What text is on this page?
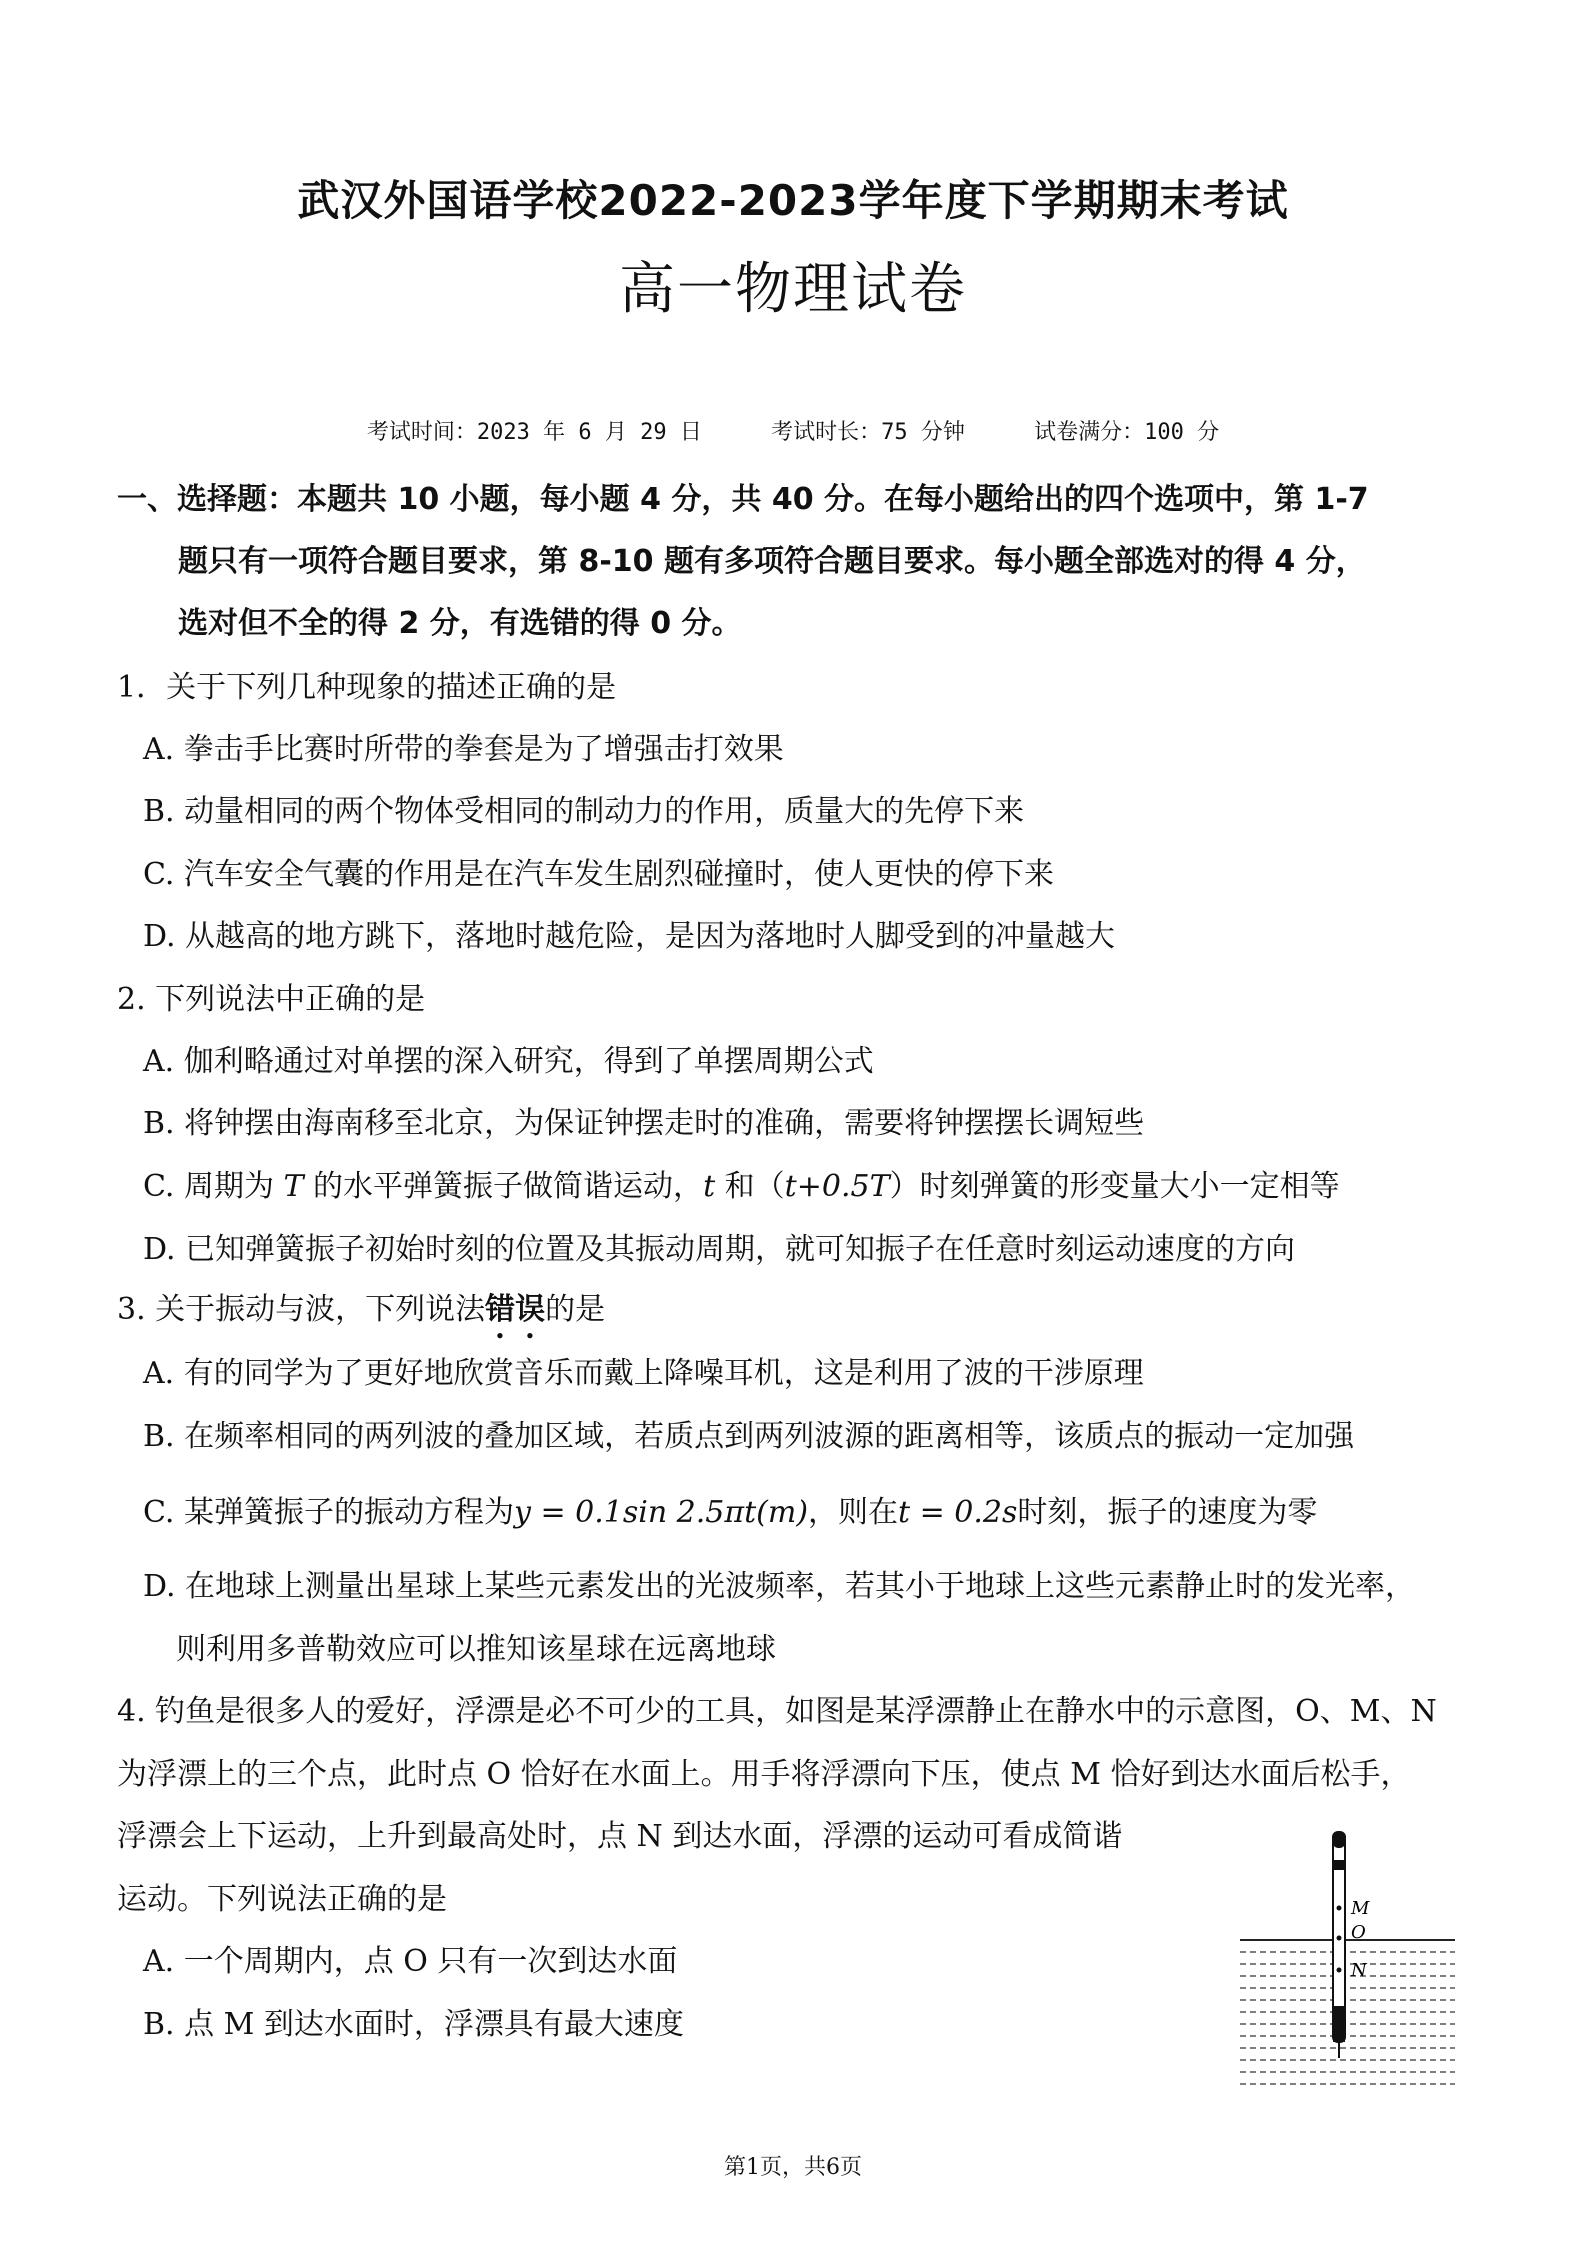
武汉外国语学校2022-2023学年度下学期期末考试
高一物理试卷
考试时间：2023 年 6 月 29 日	考试时长：75 分钟	试卷满分：100 分
一、选择题：本题共 10 小题，每小题 4 分，共 40 分。在每小题给出的四个选项中，第 1-7
题只有一项符合题目要求，第 8-10 题有多项符合题目要求。每小题全部选对的得 4 分，
选对但不全的得 2 分，有选错的得 0 分。
1．关于下列几种现象的描述正确的是
A. 拳击手比赛时所带的拳套是为了增强击打效果
B. 动量相同的两个物体受相同的制动力的作用，质量大的先停下来
C. 汽车安全气囊的作用是在汽车发生剧烈碰撞时，使人更快的停下来
D. 从越高的地方跳下，落地时越危险，是因为落地时人脚受到的冲量越大
2. 下列说法中正确的是
A. 伽利略通过对单摆的深入研究，得到了单摆周期公式
B. 将钟摆由海南移至北京，为保证钟摆走时的准确，需要将钟摆摆长调短些
C. 周期为 T 的水平弹簧振子做简谐运动，t 和（t+0.5T）时刻弹簧的形变量大小一定相等
D. 已知弹簧振子初始时刻的位置及其振动周期，就可知振子在任意时刻运动速度的方向
3. 关于振动与波，下列说法错误的是
A. 有的同学为了更好地欣赏音乐而戴上降噪耳机，这是利用了波的干涉原理
B. 在频率相同的两列波的叠加区域，若质点到两列波源的距离相等，该质点的振动一定加强
C. 某弹簧振子的振动方程为y = 0.1sin 2.5πt(m)，则在t = 0.2s时刻，振子的速度为零
D. 在地球上测量出星球上某些元素发出的光波频率，若其小于地球上这些元素静止时的发光率，
则利用多普勒效应可以推知该星球在远离地球
4. 钓鱼是很多人的爱好，浮漂是必不可少的工具，如图是某浮漂静止在静水中的示意图，O、M、N
为浮漂上的三个点，此时点 O 恰好在水面上。用手将浮漂向下压，使点 M 恰好到达水面后松手，
浮漂会上下运动，上升到最高处时，点 N 到达水面，浮漂的运动可看成简谐
运动。下列说法正确的是
A. 一个周期内，点 O 只有一次到达水面
B. 点 M 到达水面时，浮漂具有最大速度
M
O
N
第1页，共6页
